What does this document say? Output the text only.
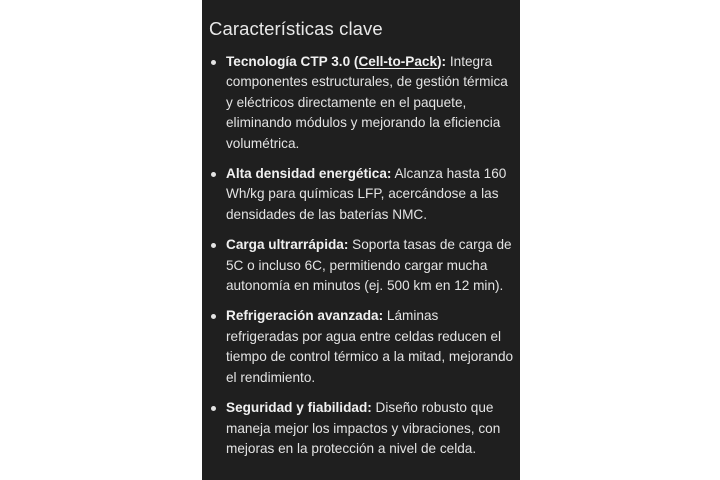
Características clave
Tecnología CTP 3.0 (Cell-to-Pack): Integra componentes estructurales, de gestión térmica y eléctricos directamente en el paquete, eliminando módulos y mejorando la eficiencia volumétrica.
Alta densidad energética: Alcanza hasta 160 Wh/kg para químicas LFP, acercándose a las densidades de las baterías NMC.
Carga ultrarrápida: Soporta tasas de carga de 5C o incluso 6C, permitiendo cargar mucha autonomía en minutos (ej. 500 km en 12 min).
Refrigeración avanzada: Láminas refrigeradas por agua entre celdas reducen el tiempo de control térmico a la mitad, mejorando el rendimiento.
Seguridad y fiabilidad: Diseño robusto que maneja mejor los impactos y vibraciones, con mejoras en la protección a nivel de celda.
